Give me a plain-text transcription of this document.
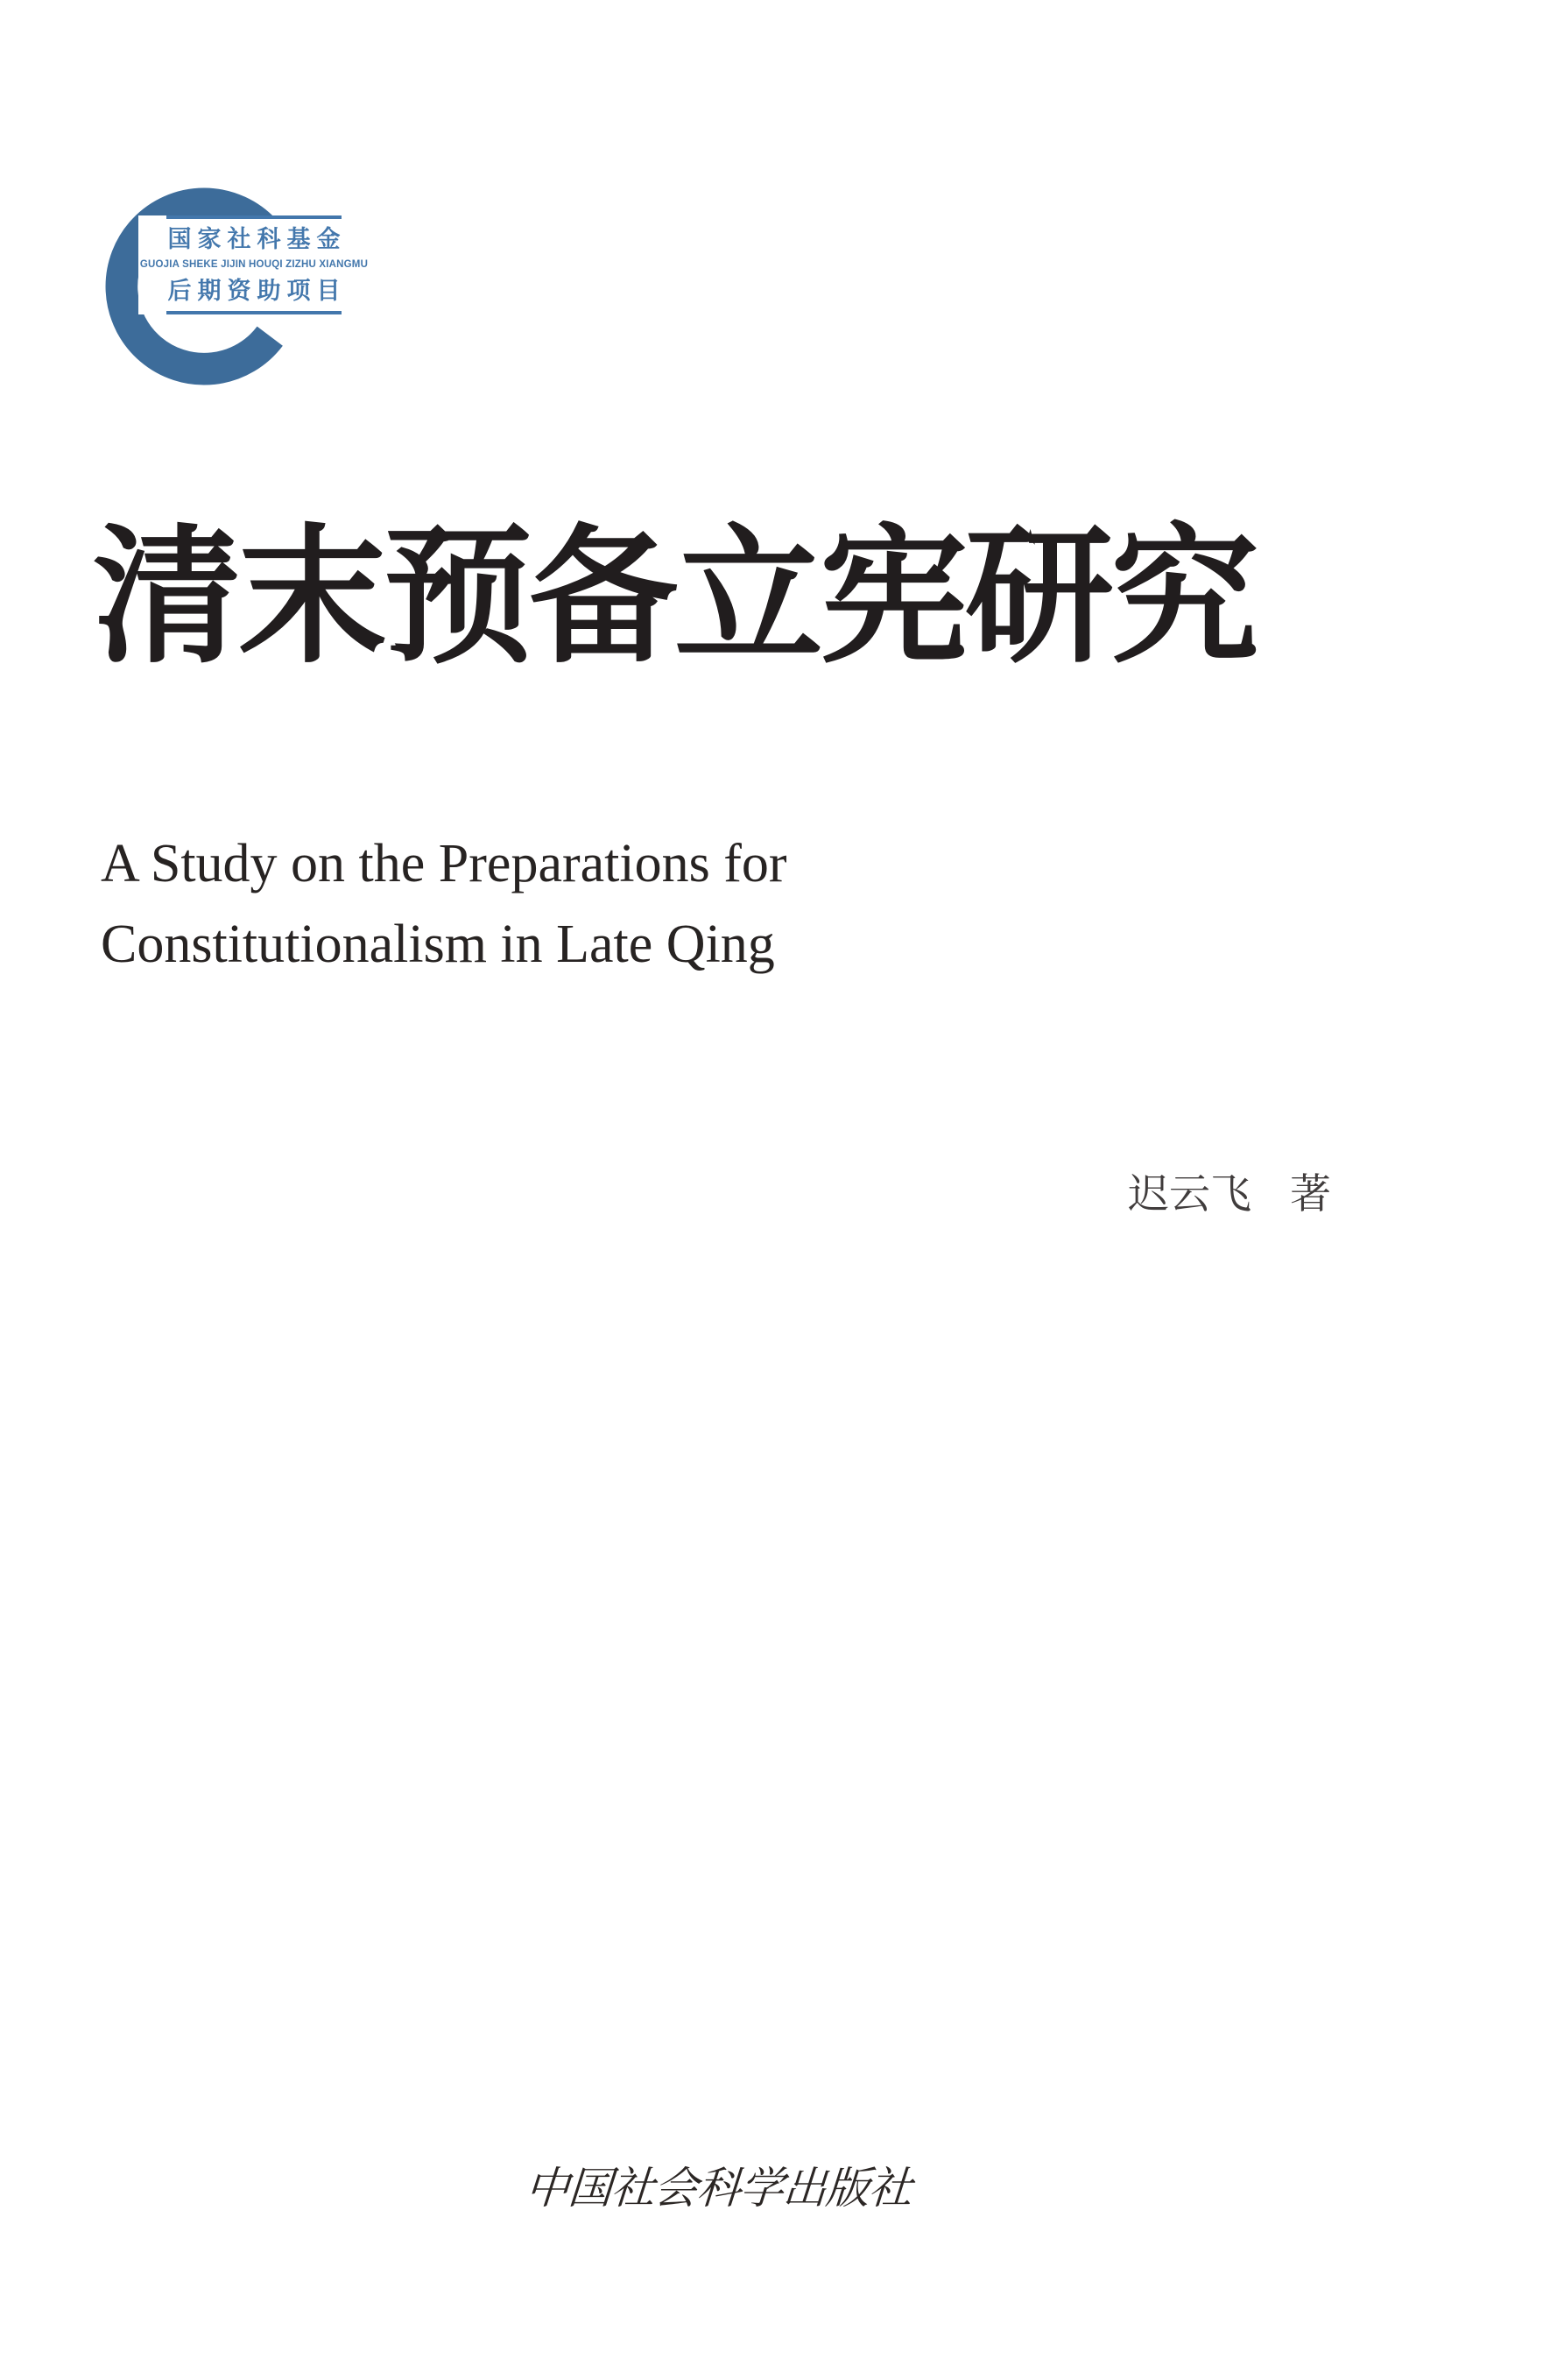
国家社科基金
GUOJIA SHEKE JIJIN HOUQI ZIZHU XIANGMU
后期资助项目
清末预备立宪研究
A Study on the Preparations for
Constitutionalism in Late Qing
迟云飞 著
中国社会科学出版社
